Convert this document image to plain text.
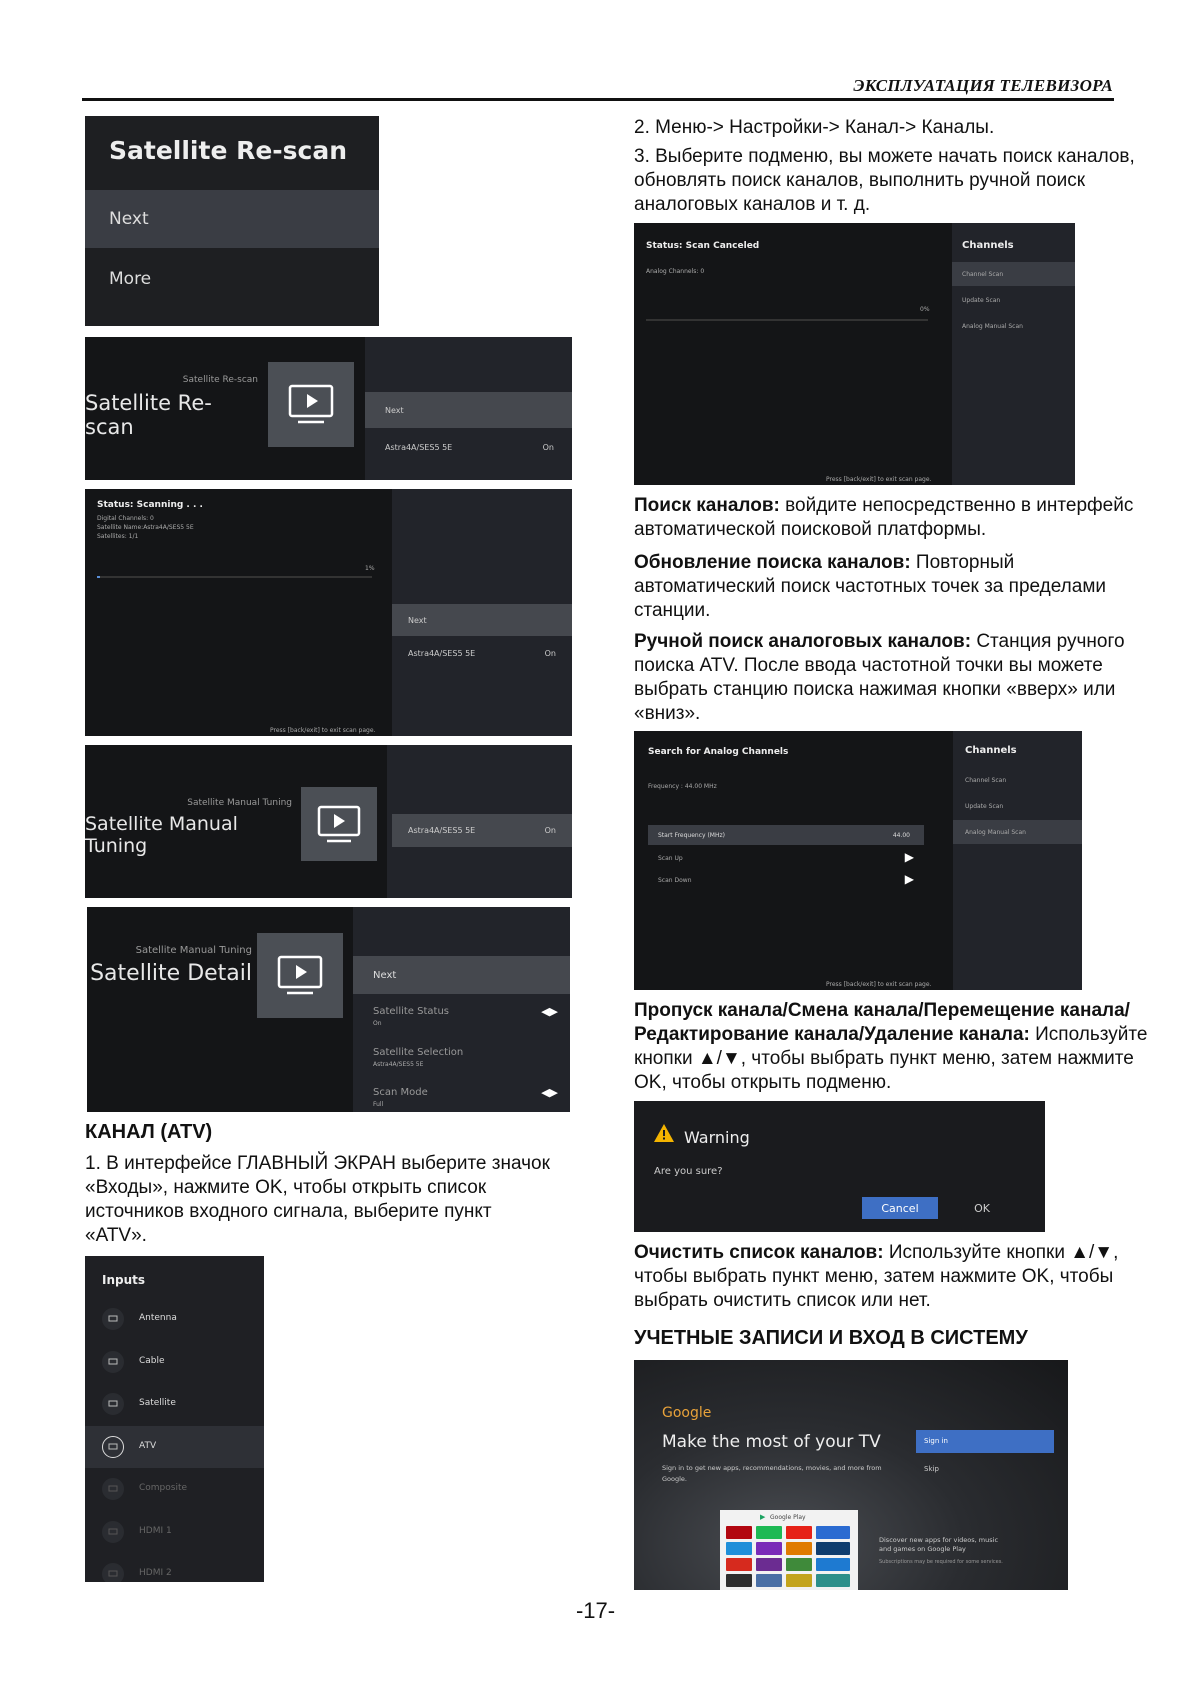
ЭКСПЛУАТАЦИЯ ТЕЛЕВИЗОРА
Satellite Re-scan
Next
More
Satellite Re-scan
Satellite Re-scan
Next
Astra4A/SES5 5E	On
Status: Scanning . . .
Digital Channels: 0
Satellite Name:Astra4A/SES5 5E
Satellites: 1/1
1%
Press [back/exit] to exit scan page.
Next
Astra4A/SES5 5E	On
Satellite Manual Tuning
Satellite Manual Tuning
Astra4A/SES5 5E	On
Satellite Manual Tuning
Satellite Detail	Next
Satellite Status
On
◀▶
Satellite Selection
Astra4A/SES5 5E
Scan Mode
Full
◀▶
КАНАЛ (ATV)
1. В интерфейсе ГЛАВНЫЙ ЭКРАН выберите значок «Входы», нажмите OK, чтобы открыть список источников входного сигнала, выберите пункт «ATV».
Inputs
Antenna
Cable
Satellite
ATV
Composite
HDMI 1
HDMI 2
2. Меню-> Настройки-> Канал-> Каналы.
3. Выберите подменю, вы можете начать поиск каналов, обновлять поиск каналов, выполнить ручной поиск аналоговых каналов и т. д.
Status: Scan Canceled
Analog Channels: 0
0%
Press [back/exit] to exit scan page.
Channels
Channel Scan
Update Scan
Analog Manual Scan
Поиск каналов: войдите непосредственно в интерфейс автоматической поисковой платформы.
Обновление поиска каналов: Повторный автоматический поиск частотных точек за пределами станции.
Ручной поиск аналоговых каналов: Станция ручного поиска ATV. После ввода частотной точки вы можете выбрать станцию поиска нажимая кнопки «вверх» или «вниз».
Search for Analog Channels
Frequency : 44.00 MHz
Start Frequency (MHz)	44.00
Scan Up	▶
Scan Down	▶
Press [back/exit] to exit scan page.
Channels
Channel Scan
Update Scan
Analog Manual Scan
Пропуск канала/Смена канала/Перемещение канала/Редактирование канала/Удаление канала: Используйте кнопки ▲/▼, чтобы выбрать пункт меню, затем нажмите OK, чтобы открыть подменю.
Warning
Are you sure?
Cancel	OK
Очистить список каналов: Используйте кнопки ▲/▼, чтобы выбрать пункт меню, затем нажмите OK, чтобы выбрать очистить список или нет.
УЧЕТНЫЕ ЗАПИСИ И ВХОД В СИСТЕМУ
Google
Make the most of your TV
Sign in to get new apps, recommendations, movies, and more from Google.
Sign in
Skip
▶ Google Play
Discover new apps for videos, music and games on Google Play
Subscriptions may be required for some services.
-17-
